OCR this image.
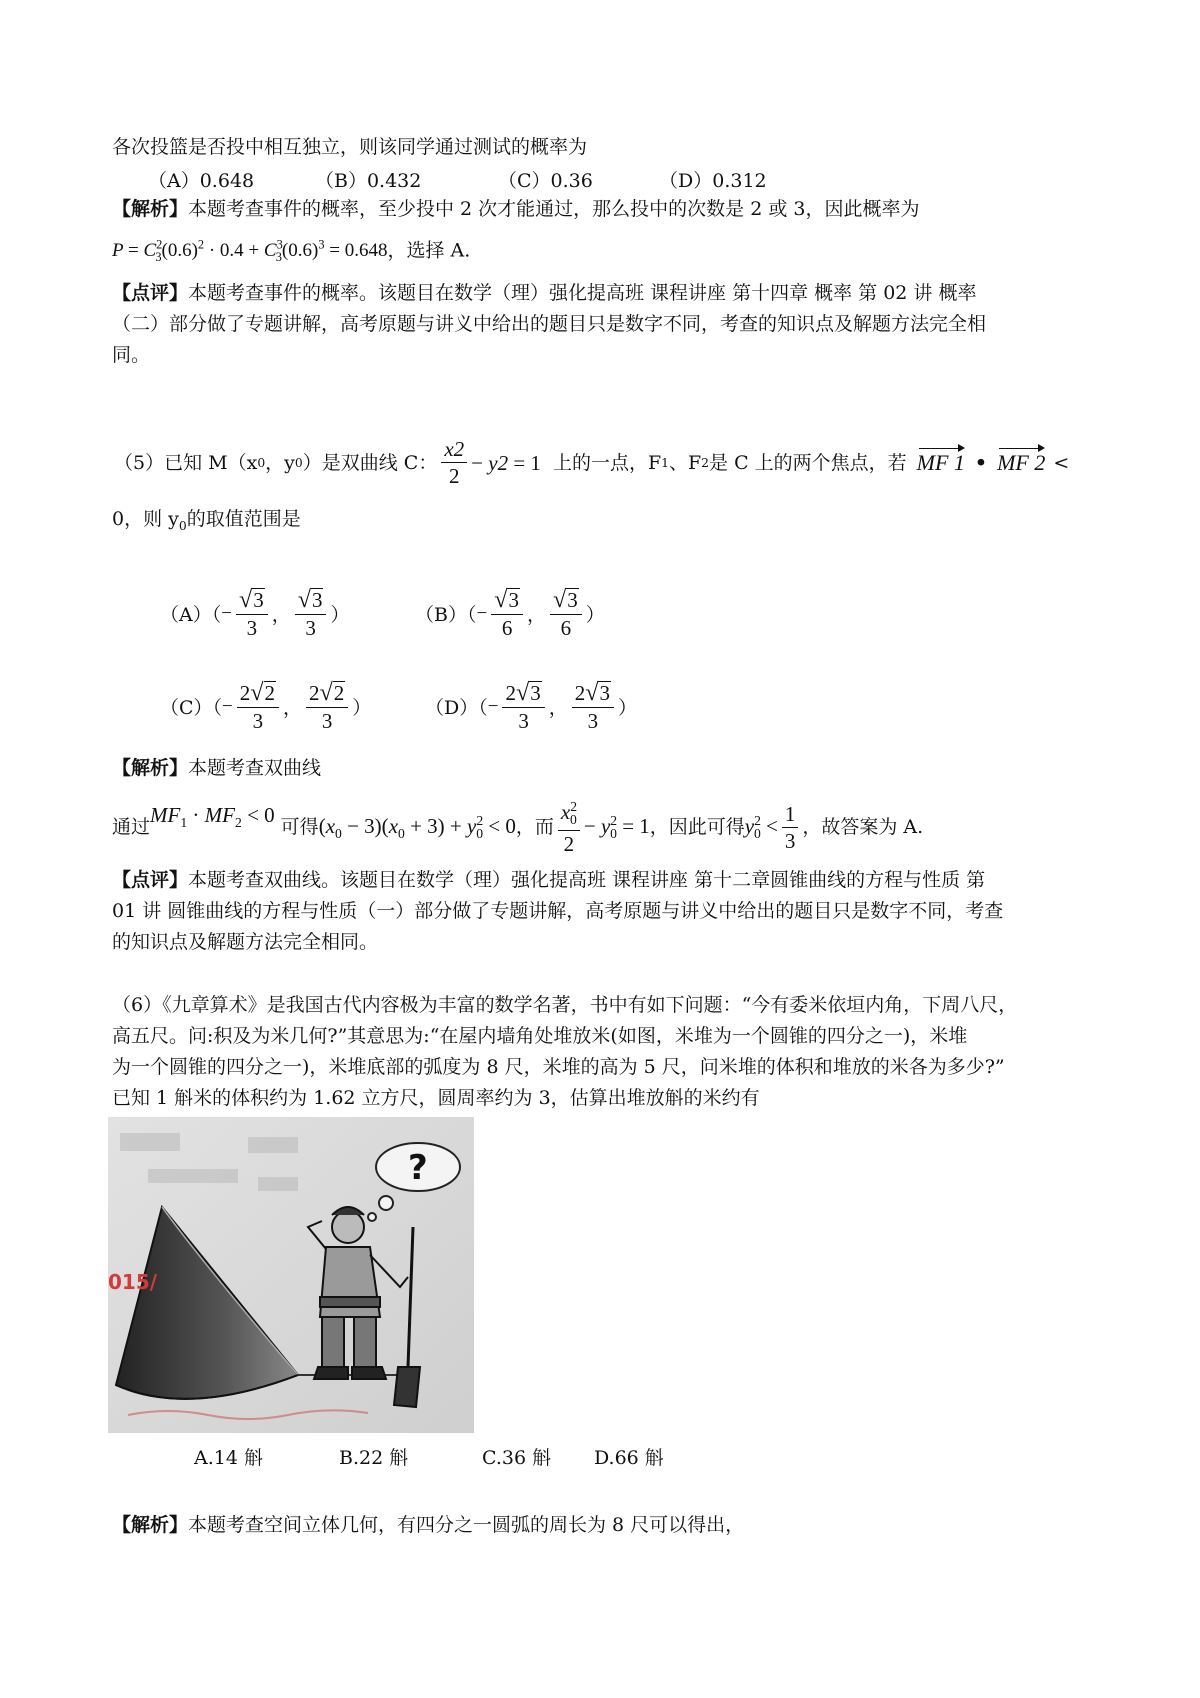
各次投篮是否投中相互独立，则该同学通过测试的概率为
（A）0.648	（B）0.432	（C）0.36	（D）0.312
【解析】本题考查事件的概率，至少投中 2 次才能通过，那么投中的次数是 2 或 3，因此概率为
$P = C^2_3(0.6)^2 \cdot 0.4 + C^3_3(0.6)^3 = 0.648$，选择 A.
【点评】本题考查事件的概率。该题目在数学（理）强化提高班 课程讲座 第十四章 概率 第 02 讲 概率
（二）部分做了专题讲解，高考原题与讲义中给出的题目只是数字不同，考查的知识点及解题方法完全相
同。
（5）已知 M（x 0 ，y 0 ）是双曲线 C： $\frac{x2}{2} - y2 = 1$ 上的一点，F 1 、F 2 是 C 上的两个焦点，若 MF 1 • MF 2 <
0，则 $y_0$的取值范围是
$(A)( - \frac{√ 3}{3}$ ， $\frac{√ 3}{3}$ ）	$(B)( - \frac{√ 3}{6}$ ， $\frac{√ 3}{6}$ ）
$(C)( - \frac{2 √ 2}{3}$ ， $\frac{2 √ 2}{3}$ ）	$(D)( - \frac{2 √ 3}{3}$ ， $\frac{2 √ 3}{3}$ ）
【解析】本题考查双曲线
通过
$MF_1 \cdot MF_2 < 0$
可得 $(x_0 - 3)(x_0 + 3) + y^2_0 < 0$ ，而 $\frac{x^2_0}{2} - y^2_0 = 1$ ，因此可得 $y^2_0 < \frac{1}{3}$ ，故答案为 A.
【点评】本题考查双曲线。该题目在数学（理）强化提高班 课程讲座 第十二章圆锥曲线的方程与性质 第
01 讲 圆锥曲线的方程与性质（一）部分做了专题讲解，高考原题与讲义中给出的题目只是数字不同，考查
的知识点及解题方法完全相同。
（6）《九章算术》是我国古代内容极为丰富的数学名著，书中有如下问题：“今有委米依垣内角，下周八尺，
高五尺。问:积及为米几何?”其意思为:“在屋内墙角处堆放米(如图，米堆为一个圆锥的四分之一)，米堆
为一个圆锥的四分之一)，米堆底部的弧度为 8 尺，米堆的高为 5 尺，问米堆的体积和堆放的米各为多少?”
已知 1 斛米的体积约为 1.62 立方尺，圆周率约为 3，估算出堆放斛的米约有
?
015/
A.14 斛	B.22 斛	C.36 斛 D.66 斛
【解析】本题考查空间立体几何，有四分之一圆弧的周长为 8 尺可以得出，
